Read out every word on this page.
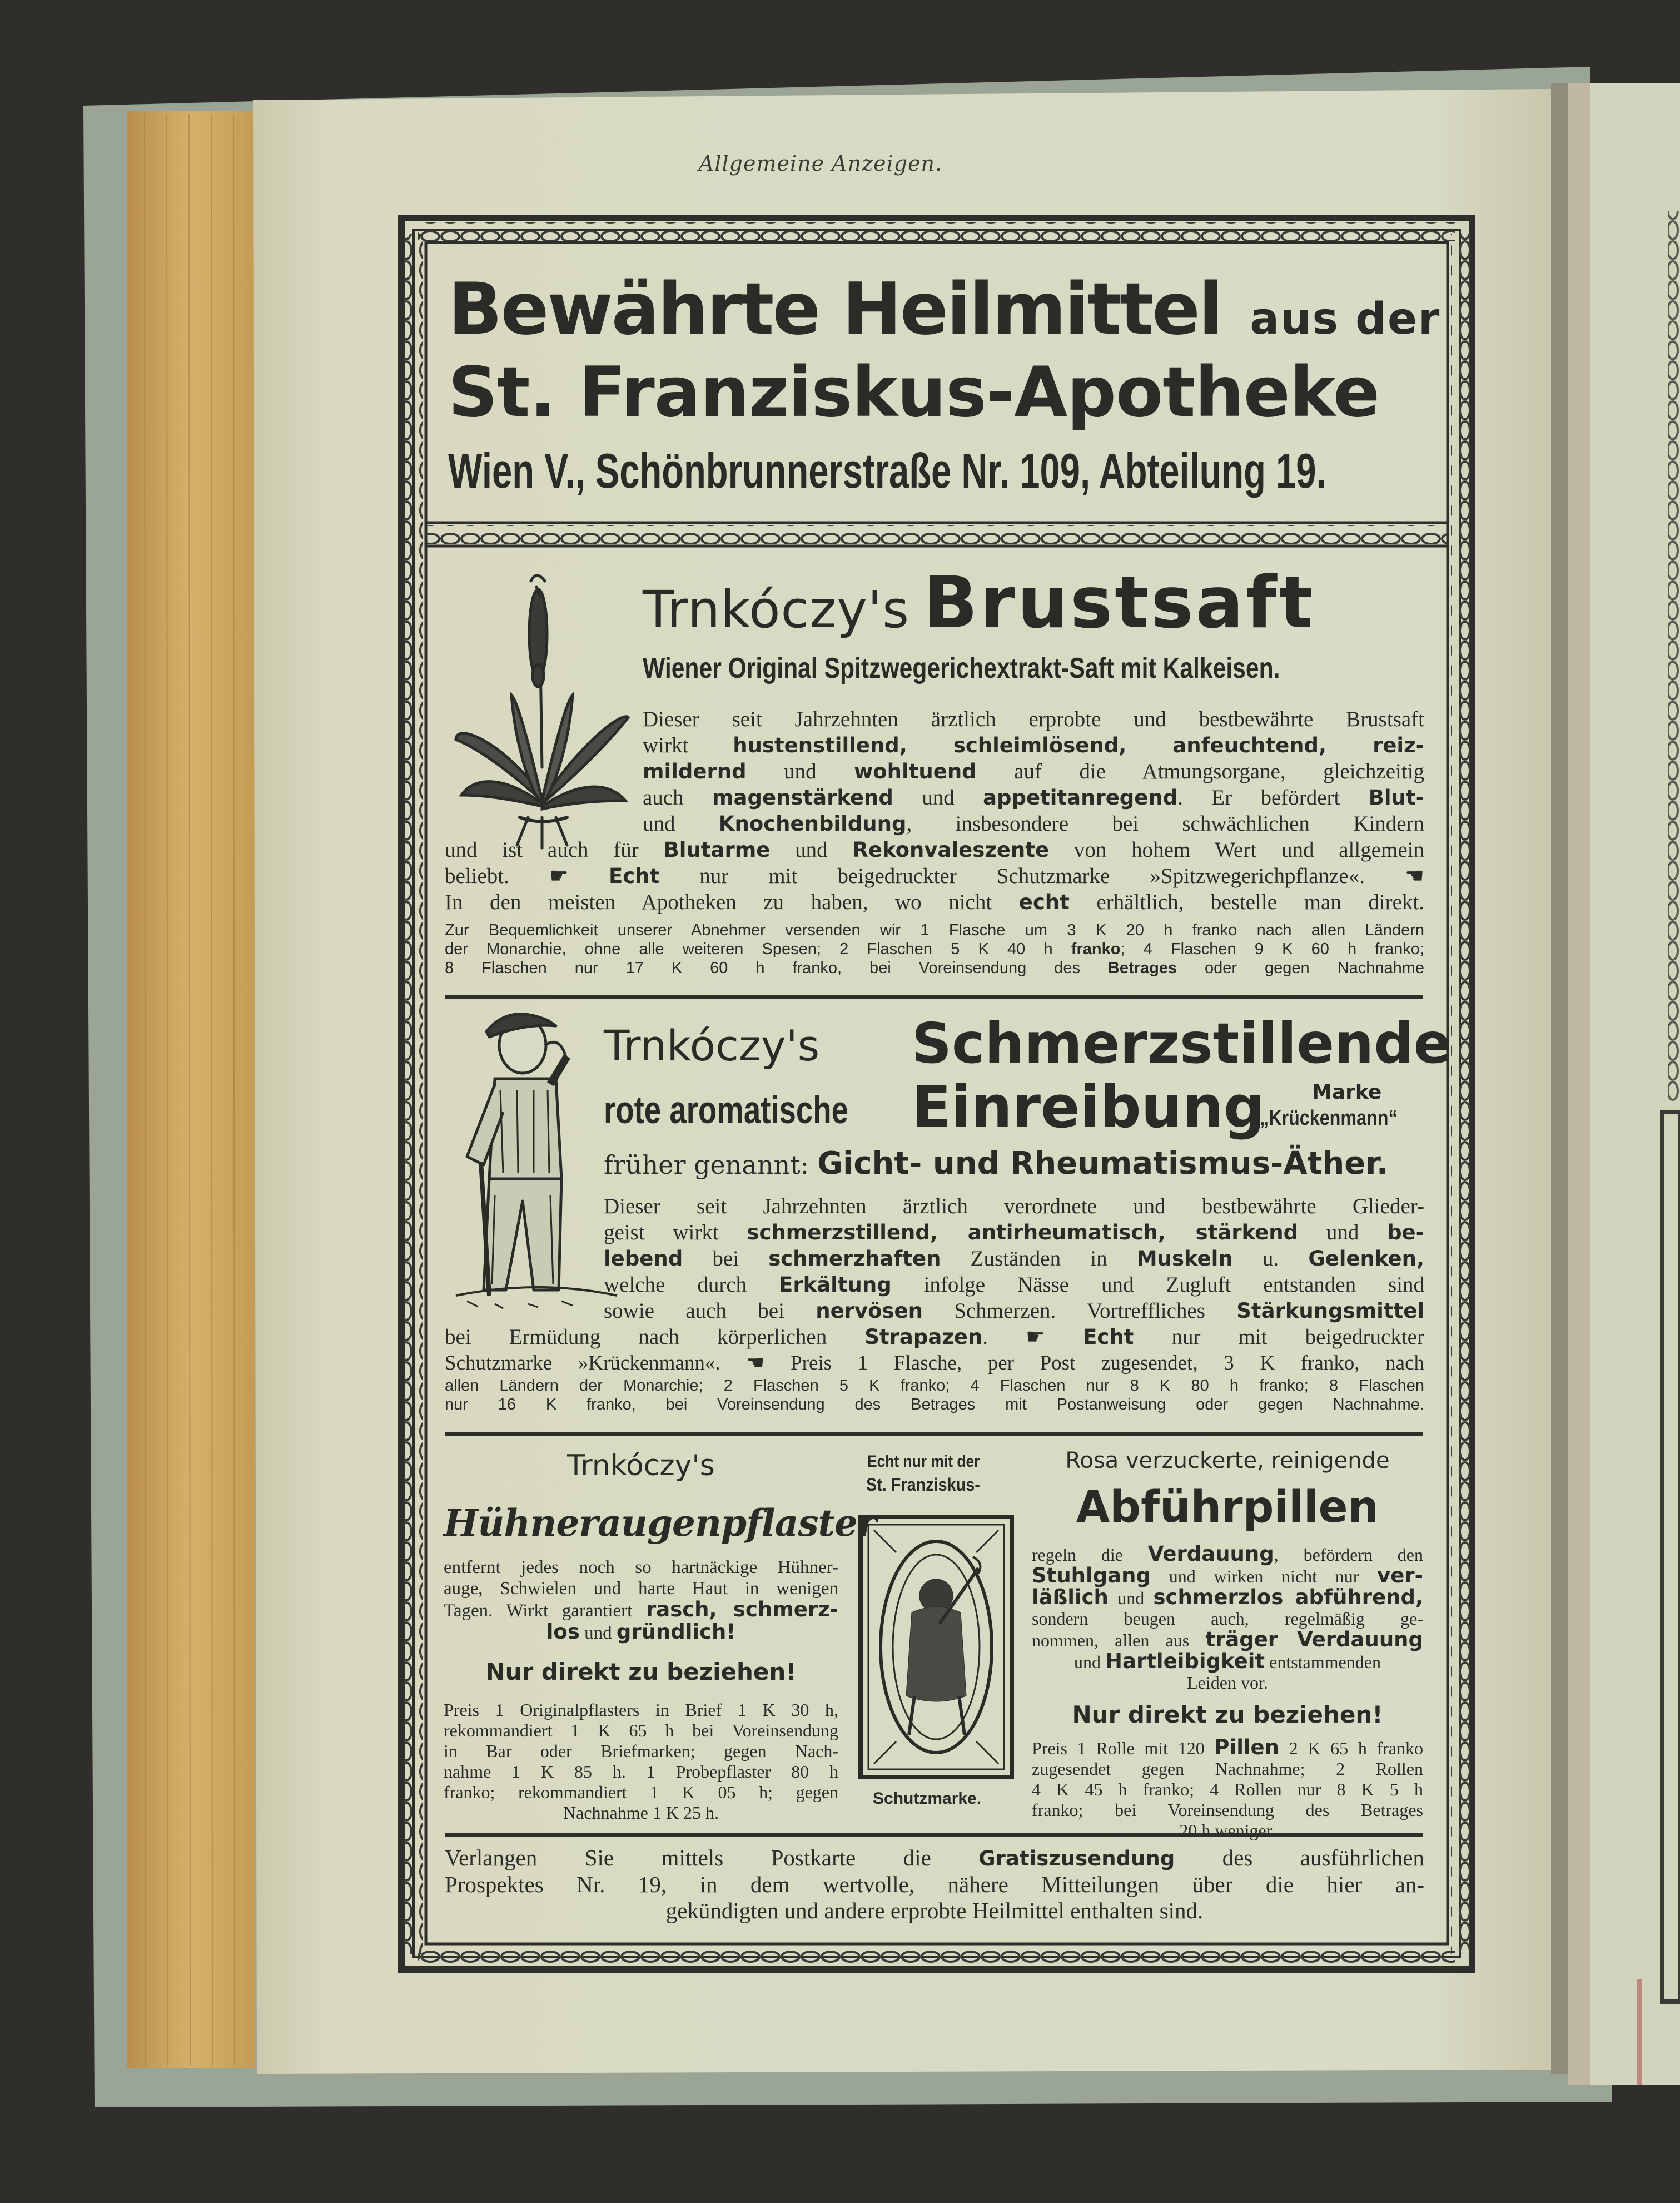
Allgemeine Anzeigen.
Bewährte Heilmittel aus der
St. Franziskus-Apotheke
Wien V., Schönbrunnerstraße Nr. 109, Abteilung 19.
Trnkóczy's Brustsaft
Wiener Original Spitzwegerichextrakt-Saft mit Kalkeisen.
Dieser seit Jahrzehnten ärztlich erprobte und bestbewährte Brustsaft
wirkt hustenstillend, schleimlösend, anfeuchtend, reiz-
mildernd und wohltuend auf die Atmungsorgane, gleichzeitig
auch magenstärkend und appetitanregend. Er befördert Blut-
und Knochenbildung, insbesondere bei schwächlichen Kindern
und ist auch für Blutarme und Rekonvaleszente von hohem Wert und allgemein
beliebt. ☛ Echt nur mit beigedruckter Schutzmarke »Spitzwegerichpflanze«. ☚
In den meisten Apotheken zu haben, wo nicht echt erhältlich, bestelle man direkt.
Zur Bequemlichkeit unserer Abnehmer versenden wir 1 Flasche um 3 K 20 h franko nach allen Ländern
der Monarchie, ohne alle weiteren Spesen; 2 Flaschen 5 K 40 h franko; 4 Flaschen 9 K 60 h franko;
8 Flaschen nur 17 K 60 h franko, bei Voreinsendung des Betrages oder gegen Nachnahme
Trnkóczy's Schmerzstillende
rote aromatische Einreibung Marke
„Krückenmann“
früher genannt: Gicht- und Rheumatismus-Äther.
Dieser seit Jahrzehnten ärztlich verordnete und bestbewährte Glieder-
geist wirkt schmerzstillend, antirheumatisch, stärkend und be-
lebend bei schmerzhaften Zuständen in Muskeln u. Gelenken,
welche durch Erkältung infolge Nässe und Zugluft entstanden sind
sowie auch bei nervösen Schmerzen. Vortreffliches Stärkungsmittel
bei Ermüdung nach körperlichen Strapazen. ☛ Echt nur mit beigedruckter
Schutzmarke »Krückenmann«. ☚ Preis 1 Flasche, per Post zugesendet, 3 K franko, nach
allen Ländern der Monarchie; 2 Flaschen 5 K franko; 4 Flaschen nur 8 K 80 h franko; 8 Flaschen
nur 16 K franko, bei Voreinsendung des Betrages mit Postanweisung oder gegen Nachnahme.
Trnkóczy's
Hühneraugenpflaster
entfernt jedes noch so hartnäckige Hühner-
auge, Schwielen und harte Haut in wenigen
Tagen. Wirkt garantiert rasch, schmerz-
los und gründlich!
Nur direkt zu beziehen!
Preis 1 Originalpflasters in Brief 1 K 30 h,
rekommandiert 1 K 65 h bei Voreinsendung
in Bar oder Briefmarken; gegen Nach-
nahme 1 K 85 h. 1 Probepflaster 80 h
franko; rekommandiert 1 K 05 h; gegen
Nachnahme 1 K 25 h.
Echt nur mit der
St. Franziskus-
Schutzmarke.
Rosa verzuckerte, reinigende
Abführpillen
regeln die Verdauung, befördern den
Stuhlgang und wirken nicht nur ver-
läßlich und schmerzlos abführend,
sondern beugen auch, regelmäßig ge-
nommen, allen aus träger Verdauung
und Hartleibigkeit entstammenden
Leiden vor.
Nur direkt zu beziehen!
Preis 1 Rolle mit 120 Pillen 2 K 65 h franko
zugesendet gegen Nachnahme; 2 Rollen
4 K 45 h franko; 4 Rollen nur 8 K 5 h
franko; bei Voreinsendung des Betrages
20 h weniger.
Verlangen Sie mittels Postkarte die Gratiszusendung des ausführlichen
Prospektes Nr. 19, in dem wertvolle, nähere Mitteilungen über die hier an-
gekündigten und andere erprobte Heilmittel enthalten sind.
